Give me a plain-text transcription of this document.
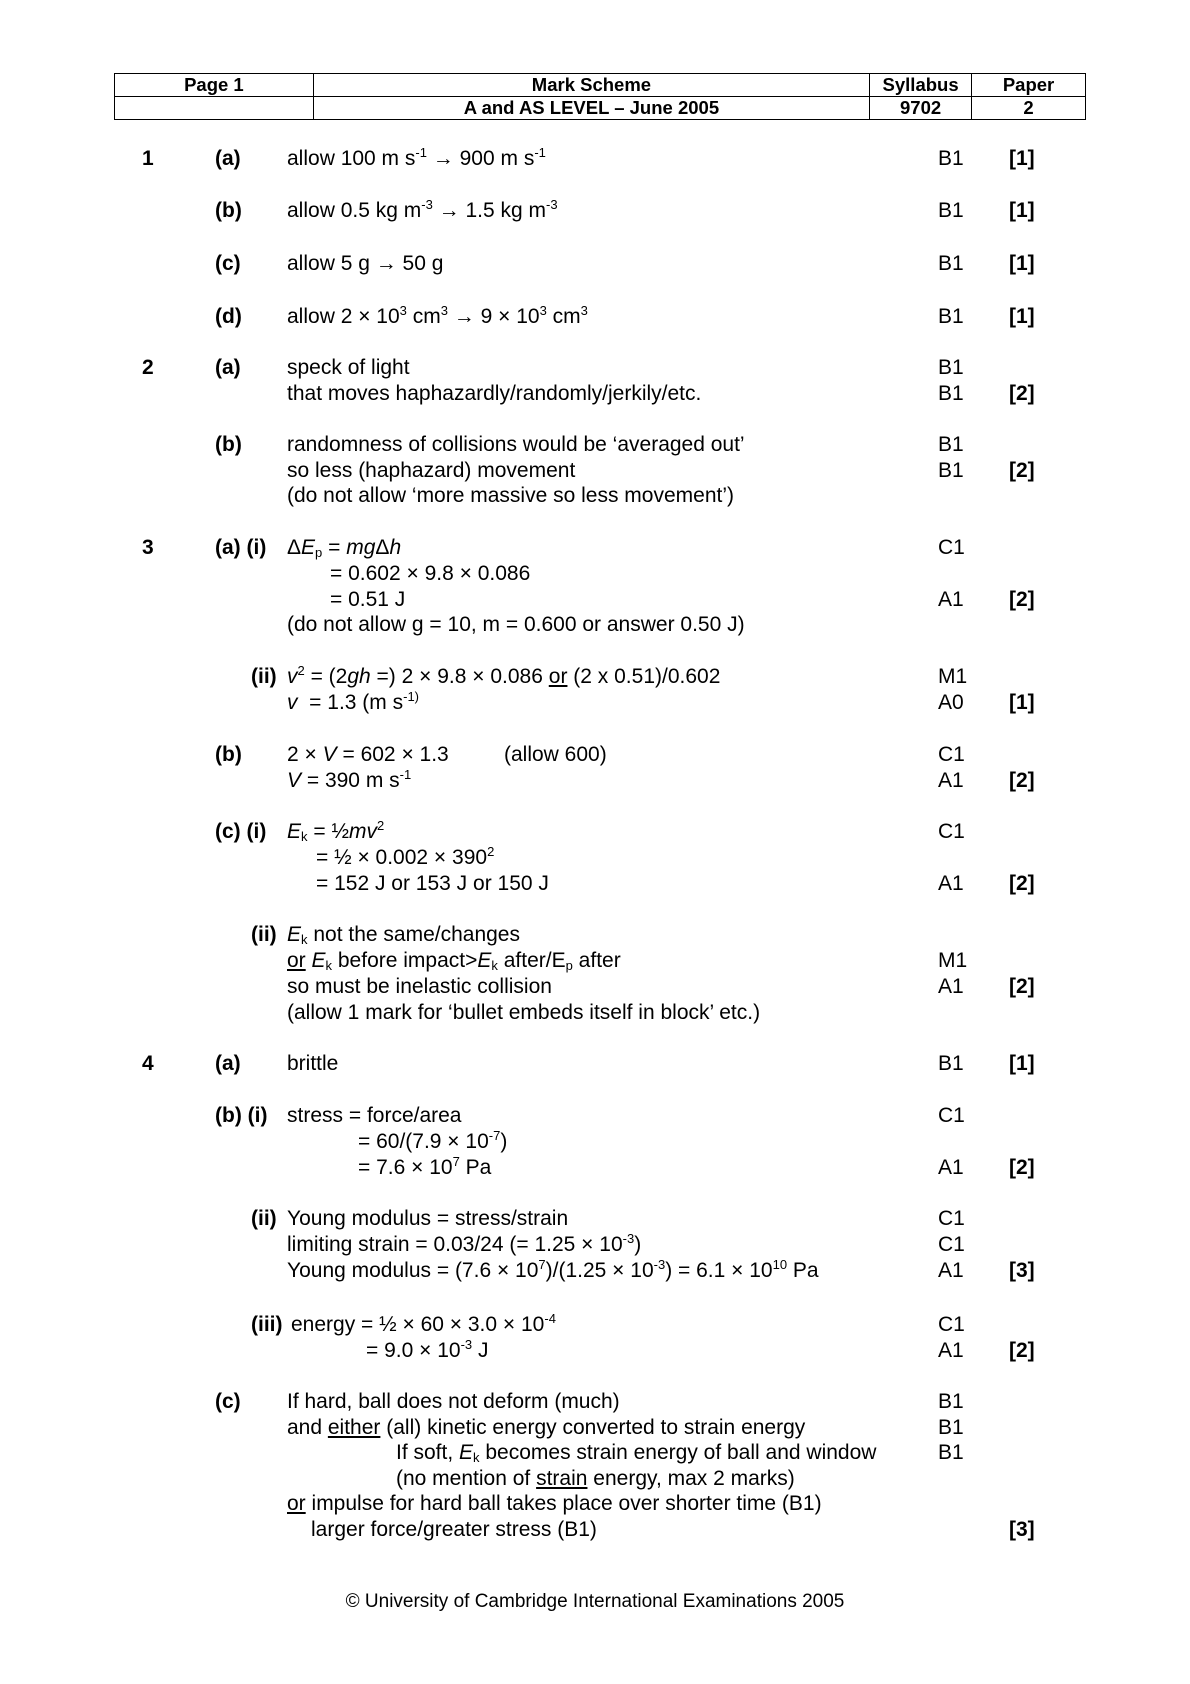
Page 1	Mark Scheme	Syllabus	Paper
	A and AS LEVEL – June 2005	9702	2
1	(a) allow 100 m $s^{-1} \to 900$ m $s^{-1}$	B1 [1]
(b) allow 0.5 kg $m^{-3} \to 1.5$ kg $m^{-3}$	B1 [1]
(c) allow 5 g → 50 g	B1 [1]
(d) allow $2 \times 10^3$ $cm^3 \to 9 \times 10^3$ $cm^3$	B1 [1]
2	(a) speck of light	B1
that moves haphazardly/randomly/jerkily/etc.	B1 [2]
(b) randomness of collisions would be ‘averaged out’	B1
so less (haphazard) movement	B1 [2]
(do not allow ‘more massive so less movement’)
3	(a) (i) $\Delta E_p = mg\Delta h$	C1
= 0.602 × 9.8 × 0.086
= 0.51 J	A1 [2]
(do not allow g = 10, m = 0.600 or answer 0.50 J)
(ii) $v^2 = (2gh$ =) 2 × 9.8 × 0.086 or (2 x 0.51)/0.602	M1
v  = 1.3 (m $s^{-1)}$	A0 [1]
(b) 2 × V = 602 × 1.3	(allow 600)	C1
V = 390 m $s^{-1}$	A1 [2]
(c) (i) $E_k$ = $\frac{1}{2}mv^2$	C1
= ½ × $0.002 \times 390^2$
= 152 J or 153 J or 150 J	A1 [2]
(ii) $E_k$ not the same/changes
or $E_k$ before $impact>E_k$ after/$E_p$ after	M1
so must be inelastic collision	A1 [2]
(allow 1 mark for ‘bullet embeds itself in block’ etc.)
4	(a) brittle	B1 [1]
(b) (i) stress = force/area	C1
= $60/(7.9 \times 10^{-7})$
= $7.6 \times 10^7$ Pa	A1 [2]
(ii) Young modulus = stress/strain	C1
limiting strain = 0.03/24 (= $1.25 \times 10^{-3}$)	C1
Young modulus = $(7.6 \times 10^7)/(1.25 \times 10^{-3}) = 6.1 \times 10^{10}$ Pa	A1 [3]
(iii) energy = ½ × $60 \times 3.0 \times 10^{-4}$	C1
= $9.0 \times 10^{-3}$ J	A1 [2]
(c) If hard, ball does not deform (much)	B1
and either (all) kinetic energy converted to strain energy	B1
If soft, $E_k$ becomes strain energy of ball and window	B1
(no mention of strain energy, max 2 marks)
or impulse for hard ball takes place over shorter time (B1)
larger force/greater stress (B1)	[3]
© University of Cambridge International Examinations 2005
